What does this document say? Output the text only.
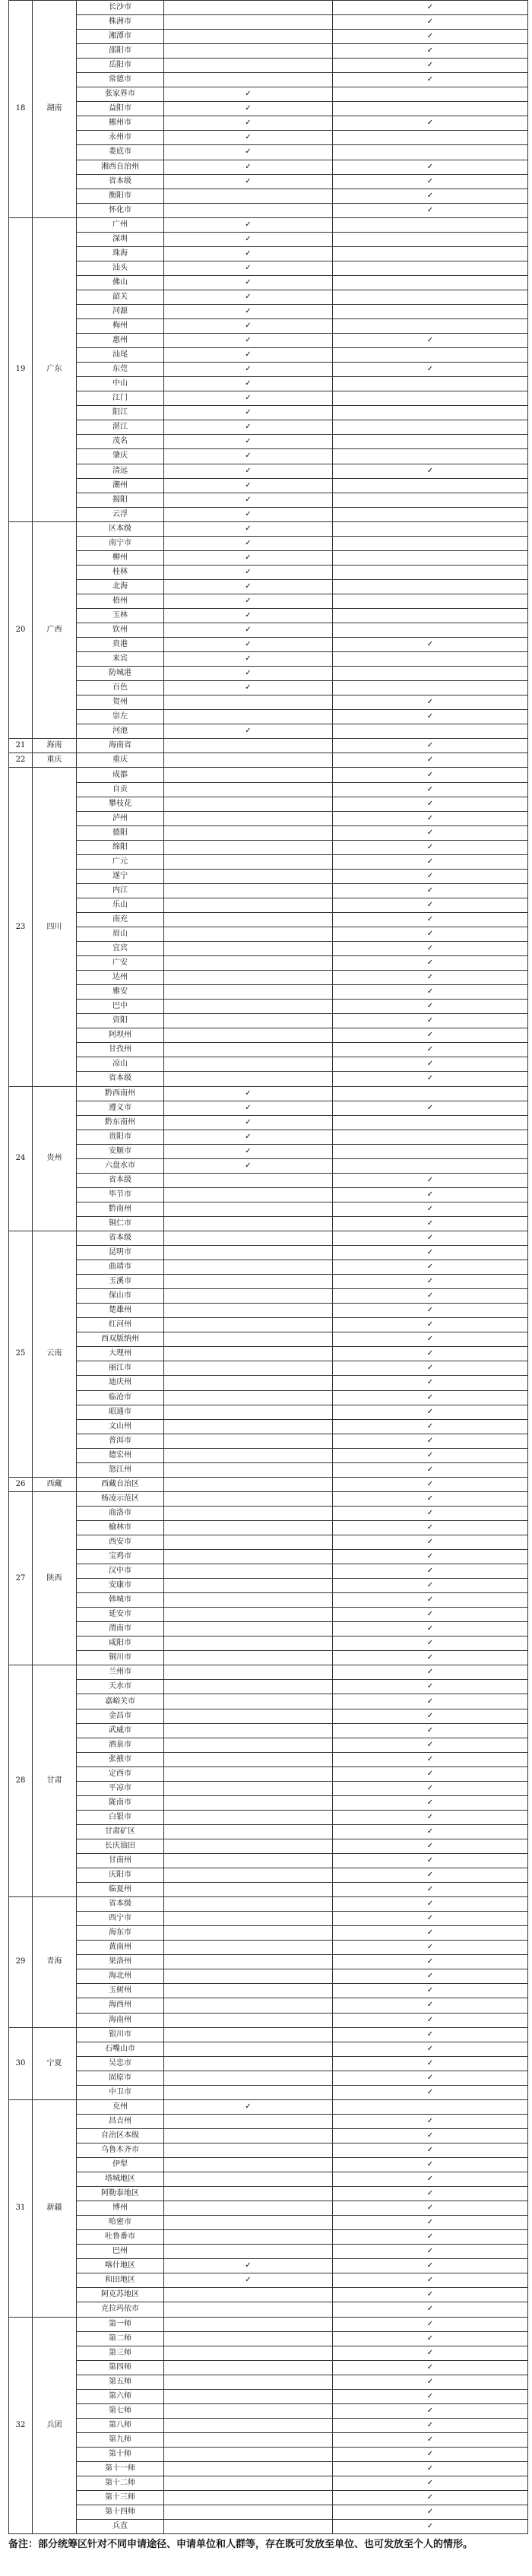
18	湖南	长沙市		✓
		株洲市		✓
		湘潭市		✓
		邵阳市		✓
		岳阳市		✓
		常德市		✓
		张家界市	✓	
		益阳市	✓	
		郴州市	✓	✓
		永州市	✓	
		娄底市	✓	
		湘西自治州	✓	✓
		省本级	✓	✓
		衡阳市		✓
		怀化市		✓
19	广东	广州	✓	
		深圳	✓	
		珠海	✓	
		汕头	✓	
		佛山	✓	
		韶关	✓	
		河源	✓	
		梅州	✓	
		惠州	✓	✓
		汕尾	✓	
		东莞	✓	✓
		中山	✓	
		江门	✓	
		阳江	✓	
		湛江	✓	
		茂名	✓	
		肇庆	✓	
		清远	✓	✓
		潮州	✓	
		揭阳	✓	
		云浮	✓	
20	广西	区本级	✓	
		南宁市	✓	
		柳州	✓	
		桂林	✓	
		北海	✓	
		梧州	✓	
		玉林	✓	
		钦州	✓	
		贵港	✓	✓
		来宾	✓	
		防城港	✓	
		百色	✓	
		贺州		✓
		崇左		✓
		河池	✓	
21	海南	海南省		✓
22	重庆	重庆		✓
23	四川	成都		✓
		自贡		✓
		攀枝花		✓
		泸州		✓
		德阳		✓
		绵阳		✓
		广元		✓
		遂宁		✓
		内江		✓
		乐山		✓
		南充		✓
		眉山		✓
		宜宾		✓
		广安		✓
		达州		✓
		雅安		✓
		巴中		✓
		资阳		✓
		阿坝州		✓
		甘孜州		✓
		凉山		✓
		省本级		✓
24	贵州	黔西南州	✓	
		遵义市	✓	✓
		黔东南州	✓	
		贵阳市	✓	
		安顺市	✓	
		六盘水市	✓	
		省本级		✓
		毕节市		✓
		黔南州		✓
		铜仁市		✓
25	云南	省本级		✓
		昆明市		✓
		曲靖市		✓
		玉溪市		✓
		保山市		✓
		楚雄州		✓
		红河州		✓
		西双版纳州		✓
		大理州		✓
		丽江市		✓
		迪庆州		✓
		临沧市		✓
		昭通市		✓
		文山州		✓
		普洱市		✓
		德宏州		✓
		怒江州		✓
26	西藏	西藏自治区		✓
27	陕西	杨凌示范区		✓
		商洛市		✓
		榆林市		✓
		西安市		✓
		宝鸡市		✓
		汉中市		✓
		安康市		✓
		韩城市		✓
		延安市		✓
		渭南市		✓
		咸阳市		✓
		铜川市		✓
28	甘肃	兰州市		✓
		天水市		✓
		嘉峪关市		✓
		金昌市		✓
		武威市		✓
		酒泉市		✓
		张掖市		✓
		定西市		✓
		平凉市		✓
		陇南市		✓
		白银市		✓
		甘肃矿区		✓
		长庆油田		✓
		甘南州		✓
		庆阳市		✓
		临夏州		✓
29	青海	省本级		✓
		西宁市		✓
		海东市		✓
		黄南州		✓
		果洛州		✓
		海北州		✓
		玉树州		✓
		海西州		✓
		海南州		✓
30	宁夏	银川市		✓
		石嘴山市		✓
		吴忠市		✓
		固原市		✓
		中卫市		✓
31	新疆	克州	✓	
		昌吉州		✓
		自治区本级		✓
		乌鲁木齐市		✓
		伊犁		✓
		塔城地区		✓
		阿勒泰地区		✓
		博州		✓
		哈密市		✓
		吐鲁番市		✓
		巴州		✓
		喀什地区	✓	✓
		和田地区	✓	✓
		阿克苏地区		✓
		克拉玛依市		✓
32	兵团	第一师		✓
		第二师		✓
		第三师		✓
		第四师		✓
		第五师		✓
		第六师		✓
		第七师		✓
		第八师		✓
		第九师		✓
		第十师		✓
		第十一师		✓
		第十二师		✓
		第十三师		✓
		第十四师		✓
		兵直		✓
备注：部分统筹区针对不同申请途径、申请单位和人群等，存在既可发放至单位、也可发放至个人的情形。
